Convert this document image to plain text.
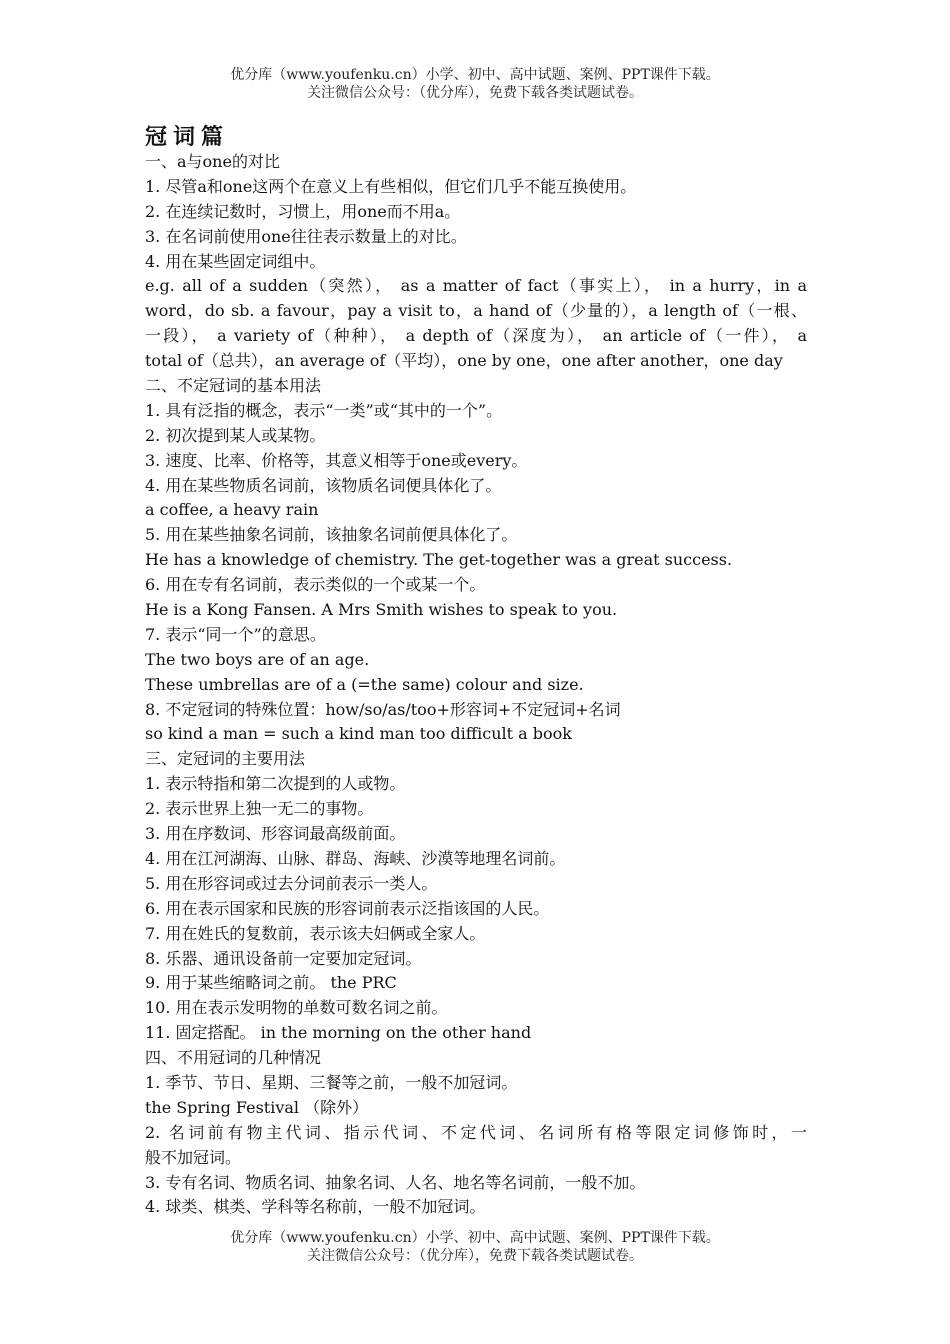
优分库（www.youfenku.cn）小学、初中、高中试题、案例、PPT课件下载。
关注微信公众号：（优分库），免费下载各类试题试卷。
冠词篇
一、a与one的对比
1. 尽管a和one这两个在意义上有些相似，但它们几乎不能互换使用。
2. 在连续记数时，习惯上，用one而不用a。
3. 在名词前使用one往往表示数量上的对比。
4. 用在某些固定词组中。
e.g. all of a sudden（突然）， as a matter of fact（事实上）， in a hurry，in a
word，do sb. a favour，pay a visit to，a hand of（少量的），a length of（一根、
一段）， a variety of（种种）， a depth of（深度为）， an article of（一件）， a
total of（总共），an average of（平均），one by one，one after another，one day
二、不定冠词的基本用法
1. 具有泛指的概念，表示“一类”或“其中的一个”。
2. 初次提到某人或某物。
3. 速度、比率、价格等，其意义相等于one或every。
4. 用在某些物质名词前，该物质名词便具体化了。
a coffee, a heavy rain
5. 用在某些抽象名词前，该抽象名词前便具体化了。
He has a knowledge of chemistry. The get-together was a great success.
6. 用在专有名词前，表示类似的一个或某一个。
He is a Kong Fansen. A Mrs Smith wishes to speak to you.
7. 表示“同一个”的意思。
The two boys are of an age.
These umbrellas are of a (=the same) colour and size.
8. 不定冠词的特殊位置：how/so/as/too+形容词+不定冠词+名词
so kind a man = such a kind man too difficult a book
三、定冠词的主要用法
1. 表示特指和第二次提到的人或物。
2. 表示世界上独一无二的事物。
3. 用在序数词、形容词最高级前面。
4. 用在江河湖海、山脉、群岛、海峡、沙漠等地理名词前。
5. 用在形容词或过去分词前表示一类人。
6. 用在表示国家和民族的形容词前表示泛指该国的人民。
7. 用在姓氏的复数前，表示该夫妇俩或全家人。
8. 乐器、通讯设备前一定要加定冠词。
9. 用于某些缩略词之前。 the PRC
10. 用在表示发明物的单数可数名词之前。
11. 固定搭配。 in the morning on the other hand
四、不用冠词的几种情况
1. 季节、节日、星期、三餐等之前，一般不加冠词。
the Spring Festival （除外）
2. 名词前有物主代词、指示代词、不定代词、名词所有格等限定词修饰时，一
般不加冠词。
3. 专有名词、物质名词、抽象名词、人名、地名等名词前，一般不加。
4. 球类、棋类、学科等名称前，一般不加冠词。
优分库（www.youfenku.cn）小学、初中、高中试题、案例、PPT课件下载。
关注微信公众号：（优分库），免费下载各类试题试卷。
